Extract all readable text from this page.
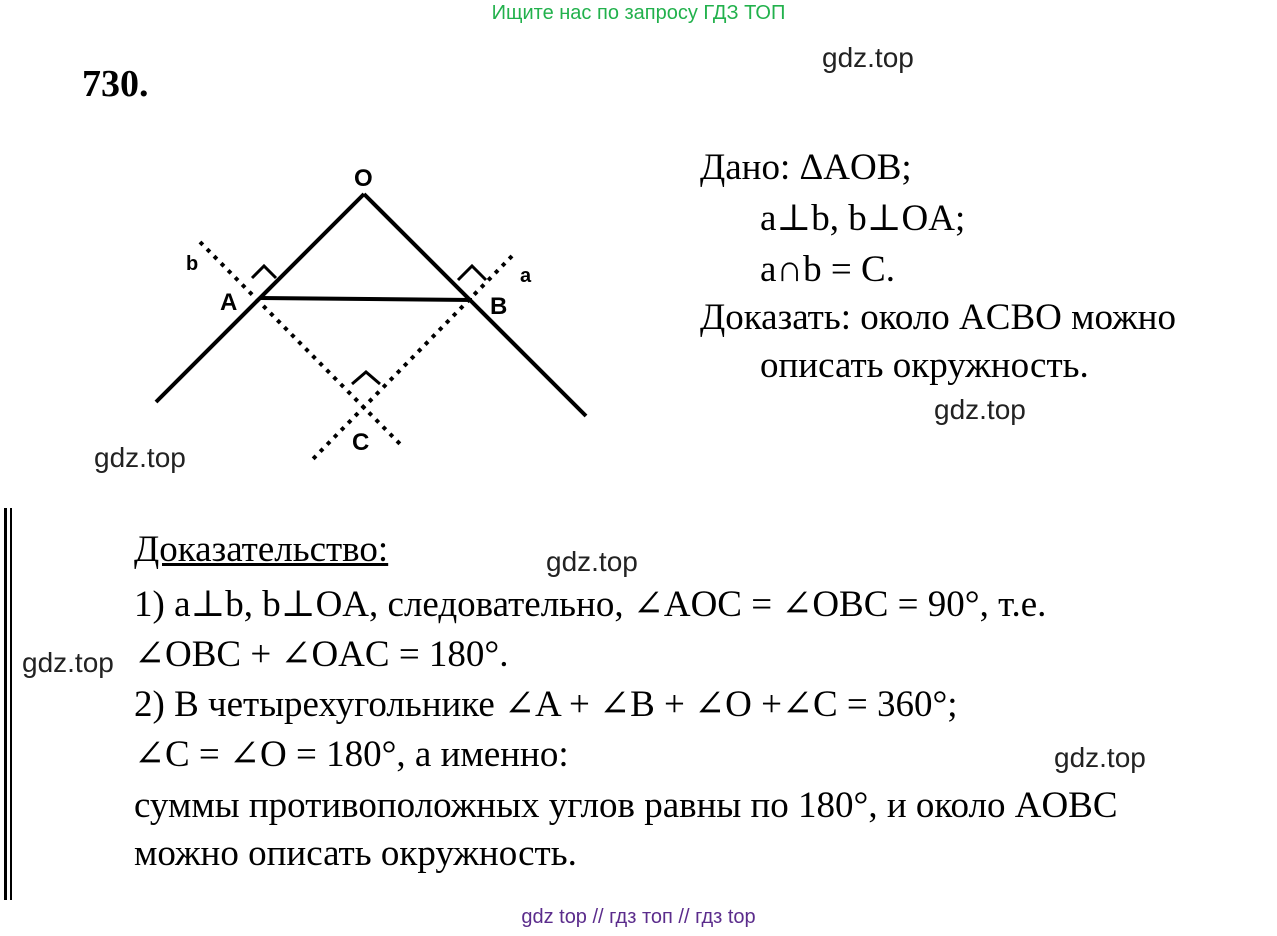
Ищите нас по запросу ГДЗ ТОП
730.
gdz.top
gdz.top
gdz.top
gdz.top
gdz.top
gdz.top
O
A	B
C
a
b
Дано: ΔAOB;
a⊥b, b⊥OA;
a∩b = C.
Доказать: около ACBO можно
описать окружность.
Доказательство:
1) a⊥b, b⊥OA, следовательно, ∠AOC = ∠OBC = 90°, т.е.
∠OBC + ∠OAC = 180°.
2) В четырехугольнике ∠A + ∠B + ∠O +∠C = 360°;
∠C = ∠O = 180°, а именно:
суммы противоположных углов равны по 180°, и около AOBC
можно описать окружность.
gdz top // гдз топ // гдз top
